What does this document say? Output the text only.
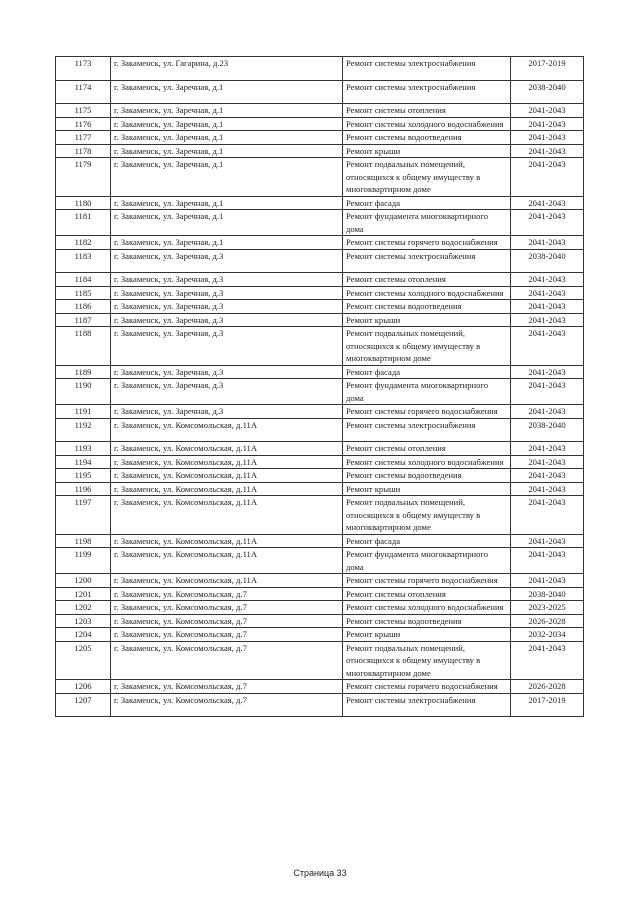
1173	г. Закаменск, ул. Гагарина, д.23	Ремонт системы электроснабжения	2017-2019
1174	г. Закаменск, ул. Заречная, д.1	Ремонт системы электроснабжения	2038-2040
1175	г. Закаменск, ул. Заречная, д.1	Ремонт системы отопления	2041-2043
1176	г. Закаменск, ул. Заречная, д.1	Ремонт системы холодного водоснабжения	2041-2043
1177	г. Закаменск, ул. Заречная, д.1	Ремонт системы водоотведения	2041-2043
1178	г. Закаменск, ул. Заречная, д.1	Ремонт крыши	2041-2043
1179	г. Закаменск, ул. Заречная, д.1	Ремонт подвальных помещений, относящихся к общему имуществу в многоквартирном доме	2041-2043
1180	г. Закаменск, ул. Заречная, д.1	Ремонт фасада	2041-2043
1181	г. Закаменск, ул. Заречная, д.1	Ремонт фундамента многоквартирного дома	2041-2043
1182	г. Закаменск, ул. Заречная, д.1	Ремонт системы горячего водоснабжения	2041-2043
1183	г. Закаменск, ул. Заречная, д.3	Ремонт системы электроснабжения	2038-2040
1184	г. Закаменск, ул. Заречная, д.3	Ремонт системы отопления	2041-2043
1185	г. Закаменск, ул. Заречная, д.3	Ремонт системы холодного водоснабжения	2041-2043
1186	г. Закаменск, ул. Заречная, д.3	Ремонт системы водоотведения	2041-2043
1187	г. Закаменск, ул. Заречная, д.3	Ремонт крыши	2041-2043
1188	г. Закаменск, ул. Заречная, д.3	Ремонт подвальных помещений, относящихся к общему имуществу в многоквартирном доме	2041-2043
1189	г. Закаменск, ул. Заречная, д.3	Ремонт фасада	2041-2043
1190	г. Закаменск, ул. Заречная, д.3	Ремонт фундамента многоквартирного дома	2041-2043
1191	г. Закаменск, ул. Заречная, д.3	Ремонт системы горячего водоснабжения	2041-2043
1192	г. Закаменск, ул. Комсомольская, д.11А	Ремонт системы электроснабжения	2038-2040
1193	г. Закаменск, ул. Комсомольская, д.11А	Ремонт системы отопления	2041-2043
1194	г. Закаменск, ул. Комсомольская, д.11А	Ремонт системы холодного водоснабжения	2041-2043
1195	г. Закаменск, ул. Комсомольская, д.11А	Ремонт системы водоотведения	2041-2043
1196	г. Закаменск, ул. Комсомольская, д.11А	Ремонт крыши	2041-2043
1197	г. Закаменск, ул. Комсомольская, д.11А	Ремонт подвальных помещений, относящихся к общему имуществу в многоквартирном доме	2041-2043
1198	г. Закаменск, ул. Комсомольская, д.11А	Ремонт фасада	2041-2043
1199	г. Закаменск, ул. Комсомольская, д.11А	Ремонт фундамента многоквартирного дома	2041-2043
1200	г. Закаменск, ул. Комсомольская, д.11А	Ремонт системы горячего водоснабжения	2041-2043
1201	г. Закаменск, ул. Комсомольская, д.7	Ремонт системы отопления	2038-2040
1202	г. Закаменск, ул. Комсомольская, д.7	Ремонт системы холодного водоснабжения	2023-2025
1203	г. Закаменск, ул. Комсомольская, д.7	Ремонт системы водоотведения	2026-2028
1204	г. Закаменск, ул. Комсомольская, д.7	Ремонт крыши	2032-2034
1205	г. Закаменск, ул. Комсомольская, д.7	Ремонт подвальных помещений, относящихся к общему имуществу в многоквартирном доме	2041-2043
1206	г. Закаменск, ул. Комсомольская, д.7	Ремонт системы горячего водоснабжения	2026-2028
1207	г. Закаменск, ул. Комсомольская, д.7	Ремонт системы электроснабжения	2017-2019
Страница 33
